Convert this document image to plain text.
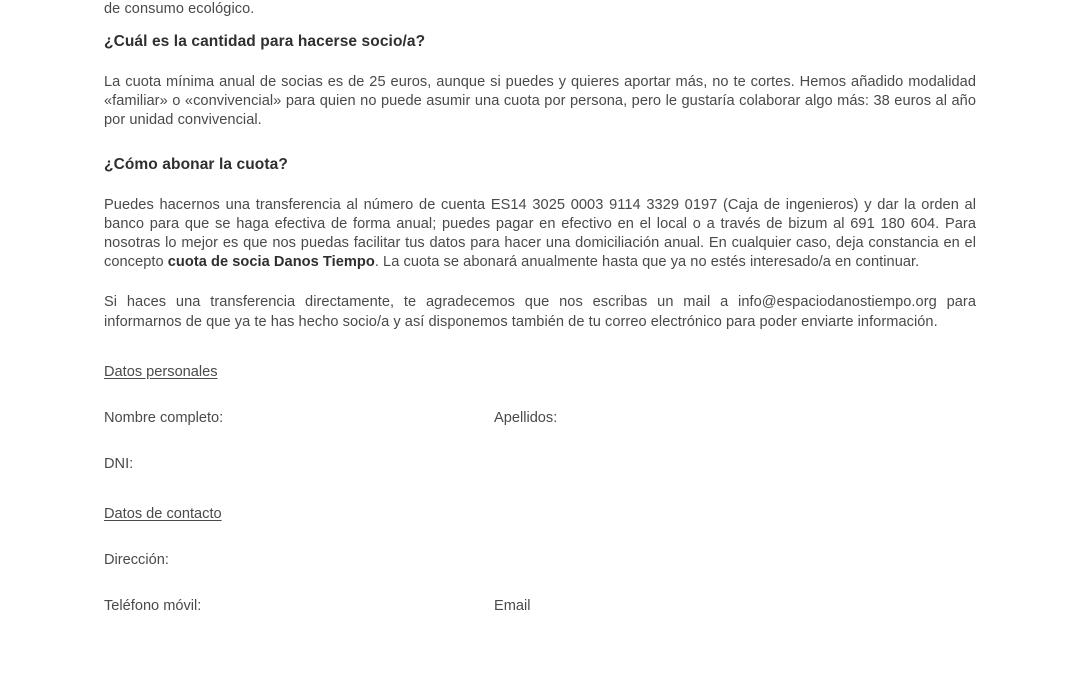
de consumo ecológico.
¿Cuál es la cantidad para hacerse socio/a?

La cuota mínima anual de socias es de 25 euros, aunque si puedes y quieres aportar más, no te cortes. Hemos añadido modalidad «familiar» o «convivencial» para quien no puede asumir una cuota por persona, pero le gustaría colaborar algo más: 38 euros al año por unidad convivencial.

¿Cómo abonar la cuota?

Puedes hacernos una transferencia al número de cuenta ES14 3025 0003 9114 3329 0197 (Caja de ingenieros) y dar la orden al banco para que se haga efectiva de forma anual; puedes pagar en efectivo en el local o a través de bizum al 691 180 604. Para nosotras lo mejor es que nos puedas facilitar tus datos para hacer una domiciliación anual. En cualquier caso, deja constancia en el concepto cuota de socia Danos Tiempo. La cuota se abonará anualmente hasta que ya no estés interesado/a en continuar.

Si haces una transferencia directamente, te agradecemos que nos escribas un mail a info@espaciodanostiempo.org para informarnos de que ya te has hecho socio/a y así disponemos también de tu correo electrónico para poder enviarte información.

Datos personales
Nombre completo:	Apellidos:
DNI:
Datos de contacto
Dirección:
Teléfono móvil:	Email
